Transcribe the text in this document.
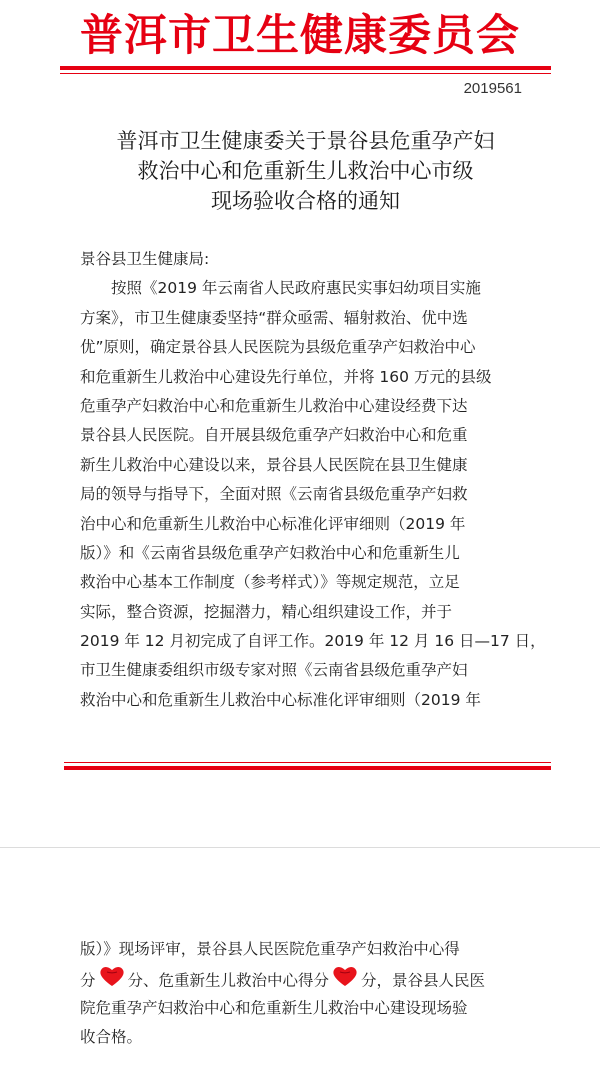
普洱市卫生健康委员会
2019561
普洱市卫生健康委关于景谷县危重孕产妇
救治中心和危重新生儿救治中心市级
现场验收合格的通知
景谷县卫生健康局:
按照《2019 年云南省人民政府惠民实事妇幼项目实施
方案》，市卫生健康委坚持“群众亟需、辐射救治、优中选
优”原则，确定景谷县人民医院为县级危重孕产妇救治中心
和危重新生儿救治中心建设先行单位，并将 160 万元的县级
危重孕产妇救治中心和危重新生儿救治中心建设经费下达
景谷县人民医院。自开展县级危重孕产妇救治中心和危重
新生儿救治中心建设以来，景谷县人民医院在县卫生健康
局的领导与指导下，全面对照《云南省县级危重孕产妇救
治中心和危重新生儿救治中心标准化评审细则（2019 年
版）》和《云南省县级危重孕产妇救治中心和危重新生儿
救治中心基本工作制度（参考样式）》等规定规范，立足
实际，整合资源，挖掘潜力，精心组织建设工作，并于
2019 年 12 月初完成了自评工作。2019 年 12 月 16 日—17 日，
市卫生健康委组织市级专家对照《云南省县级危重孕产妇
救治中心和危重新生儿救治中心标准化评审细则（2019 年
版）》现场评审，景谷县人民医院危重孕产妇救治中心得
分 分、危重新生儿救治中心得分 分，景谷县人民医
院危重孕产妇救治中心和危重新生儿救治中心建设现场验
收合格。
